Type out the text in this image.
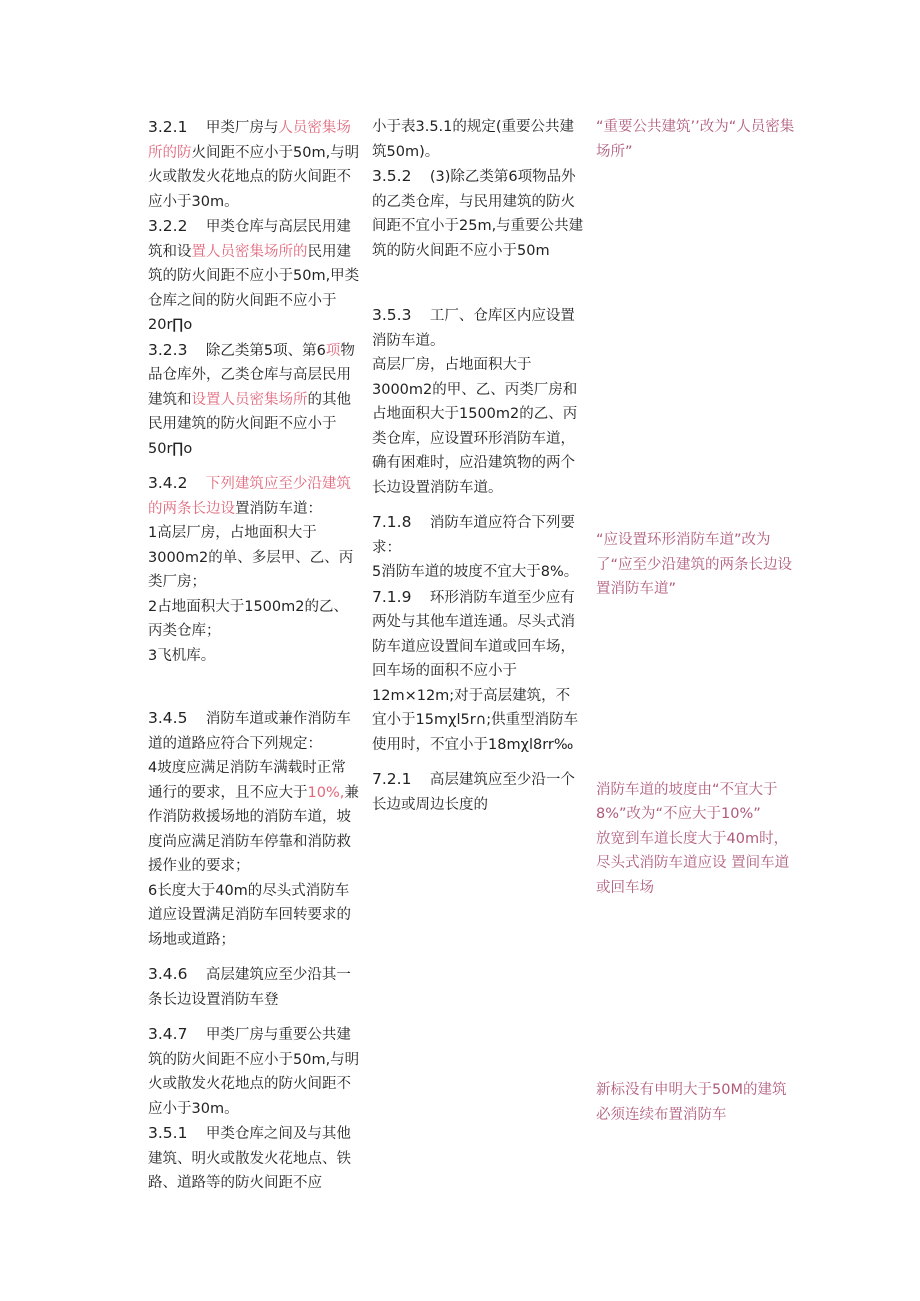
3.2.1 甲类厂房与人员密集场所的防火间距不应小于50m,与明火或散发火花地点的防火间距不应小于30m。

3.2.2 甲类仓库与高层民用建筑和设置人员密集场所的民用建筑的防火间距不应小于50m,甲类仓库之间的防火间距不应小于20r∏o

3.2.3 除乙类第5项、第6项物品仓库外，乙类仓库与高层民用建筑和设置人员密集场所的其他民用建筑的防火间距不应小于50r∏o

3.4.2 下列建筑应至少沿建筑的两条长边设置消防车道：

1高层厂房，占地面积大于3000m2的单、多层甲、乙、丙类厂房；

2占地面积大于1500m2的乙、丙类仓库；

3飞机库。

3.4.5 消防车道或兼作消防车道的道路应符合下列规定：

4坡度应满足消防车满载时正常通行的要求，且不应大于10%,兼作消防救援场地的消防车道，坡度尚应满足消防车停靠和消防救援作业的要求；

6长度大于40m的尽头式消防车道应设置满足消防车回转要求的场地或道路；

3.4.6 高层建筑应至少沿其一条长边设置消防车登

3.4.7 甲类厂房与重要公共建筑的防火间距不应小于50m,与明火或散发火花地点的防火间距不应小于30m。

3.5.1 甲类仓库之间及与其他建筑、明火或散发火花地点、铁路、道路等的防火间距不应

小于表3.5.1的规定(重要公共建筑50m)。

3.5.2 (3)除乙类第6项物品外的乙类仓库，与民用建筑的防火间距不宜小于25m,与重要公共建筑的防火间距不应小于50m

3.5.3 工厂、仓库区内应设置消防车道。

高层厂房，占地面积大于3000m2的甲、乙、丙类厂房和占地面积大于1500m2的乙、丙类仓库，应设置环形消防车道，确有困难时，应沿建筑物的两个长边设置消防车道。

7.1.8 消防车道应符合下列要求：

5消防车道的坡度不宜大于8%。

7.1.9 环形消防车道至少应有两处与其他车道连通。尽头式消防车道应设置间车道或回车场，回车场的面积不应小于12m×12m;对于高层建筑，不宜小于15mχl5r∩;供重型消防车使用时，不宜小于18mχl8rr‰

7.2.1 高层建筑应至少沿一个长边或周边长度的

“重要公共建筑’’改为“人员密集场所”

“应设置环形消防车道”改为了“应至少沿建筑的两条长边设置消防车道”

消防车道的坡度由“不宜大于8%”改为“不应大于10%”

放宽到车道长度大于40m时，尽头式消防车道应设 置间车道或回车场

新标没有申明大于50M的建筑必须连续布置消防车
